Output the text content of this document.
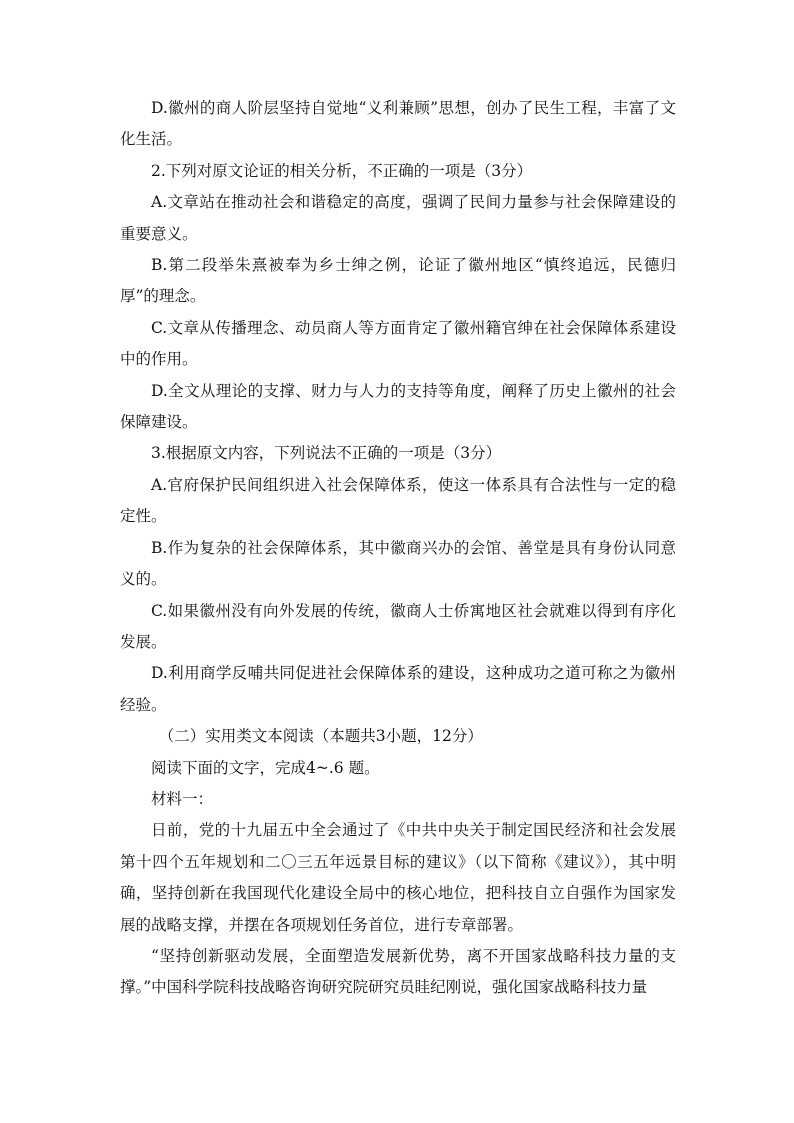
D.徽州的商人阶层坚持自觉地“义利兼顾”思想，创办了民生工程，丰富了文化生活。

2.下列对原文论证的相关分析，不正确的一项是（3分）

A.文章站在推动社会和谐稳定的高度，强调了民间力量参与社会保障建设的重要意义。

B.第二段举朱熹被奉为乡士绅之例，论证了徽州地区“慎终追远，民德归厚”的理念。

C.文章从传播理念、动员商人等方面肯定了徽州籍官绅在社会保障体系建设中的作用。

D.全文从理论的支撑、财力与人力的支持等角度，阐释了历史上徽州的社会保障建设。

3.根据原文内容，下列说法不正确的一项是（3分）

A.官府保护民间组织进入社会保障体系，使这一体系具有合法性与一定的稳定性。

B.作为复杂的社会保障体系，其中徽商兴办的会馆、善堂是具有身份认同意义的。

C.如果徽州没有向外发展的传统，徽商人士侨寓地区社会就难以得到有序化发展。

D.利用商学反哺共同促进社会保障体系的建设，这种成功之道可称之为徽州经验。

（二）实用类文本阅读（本题共3小题，12分）

阅读下面的文字，完成4~.6 题。

材料一：

日前，党的十九届五中全会通过了《中共中央关于制定国民经济和社会发展第十四个五年规划和二〇三五年远景目标的建议》（以下简称《建议》），其中明确，坚持创新在我国现代化建设全局中的核心地位，把科技自立自强作为国家发展的战略支撑，并摆在各项规划任务首位，进行专章部署。

“坚持创新驱动发展，全面塑造发展新优势，离不开国家战略科技力量的支撑。”中国科学院科技战略咨询研究院研究员眭纪刚说，强化国家战略科技力量
